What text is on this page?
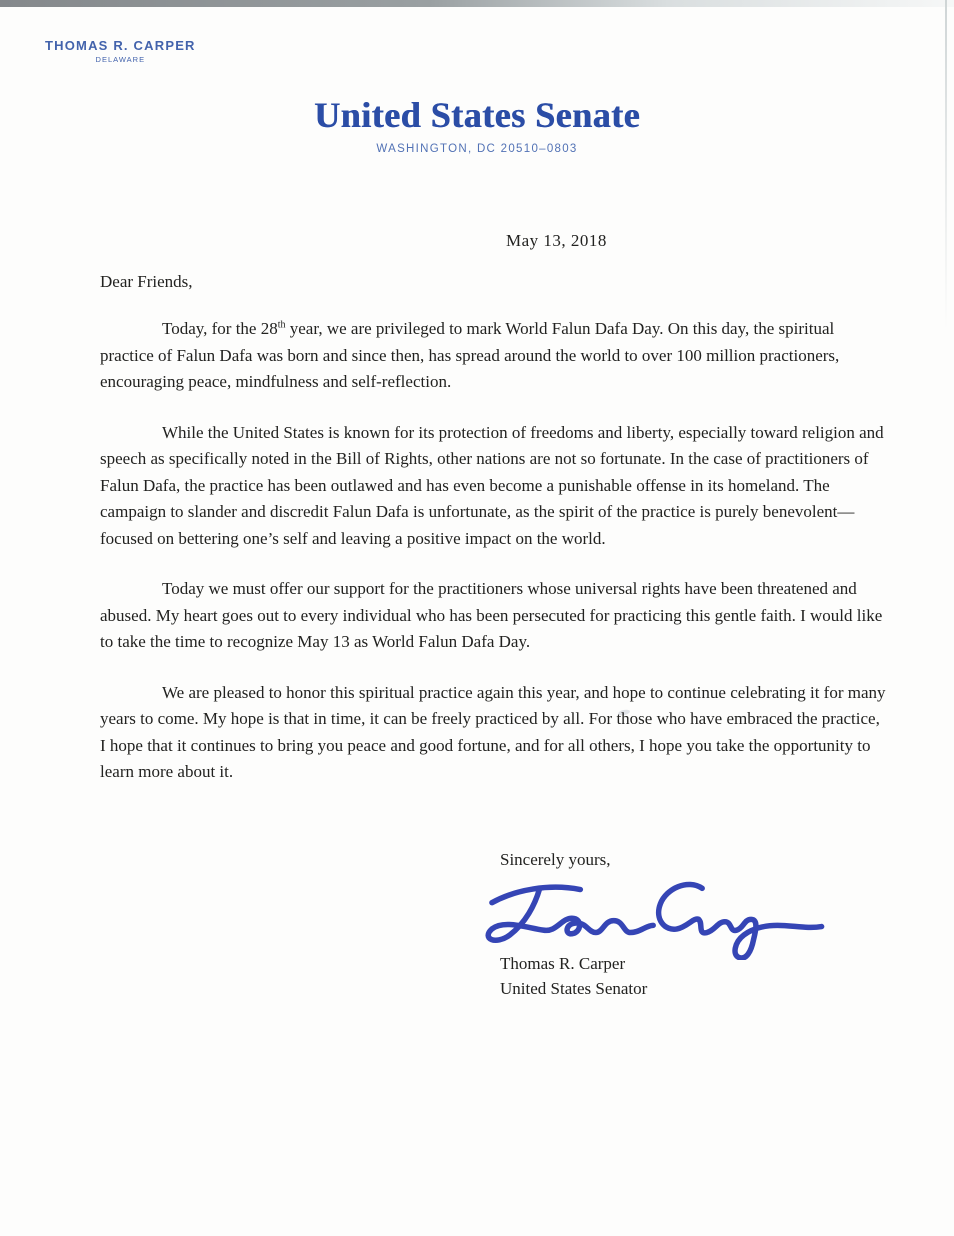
THOMAS R. CARPER
DELAWARE
United States Senate
WASHINGTON, DC 20510–0803
May 13, 2018
Dear Friends,

Today, for the 28th year, we are privileged to mark World Falun Dafa Day. On this day, the spiritual practice of Falun Dafa was born and since then, has spread around the world to over 100 million practioners, encouraging peace, mindfulness and self-reflection.

While the United States is known for its protection of freedoms and liberty, especially toward religion and speech as specifically noted in the Bill of Rights, other nations are not so fortunate. In the case of practitioners of Falun Dafa, the practice has been outlawed and has even become a punishable offense in its homeland. The campaign to slander and discredit Falun Dafa is unfortunate, as the spirit of the practice is purely benevolent—focused on bettering one’s self and leaving a positive impact on the world.

Today we must offer our support for the practitioners whose universal rights have been threatened and abused. My heart goes out to every individual who has been persecuted for practicing this gentle faith. I would like to take the time to recognize May 13 as World Falun Dafa Day.

We are pleased to honor this spiritual practice again this year, and hope to continue celebrating it for many years to come. My hope is that in time, it can be freely practiced by all. For those who have embraced the practice, I hope that it continues to bring you peace and good fortune, and for all others, I hope you take the opportunity to learn more about it.

Sincerely yours,
Thomas R. Carper
United States Senator
